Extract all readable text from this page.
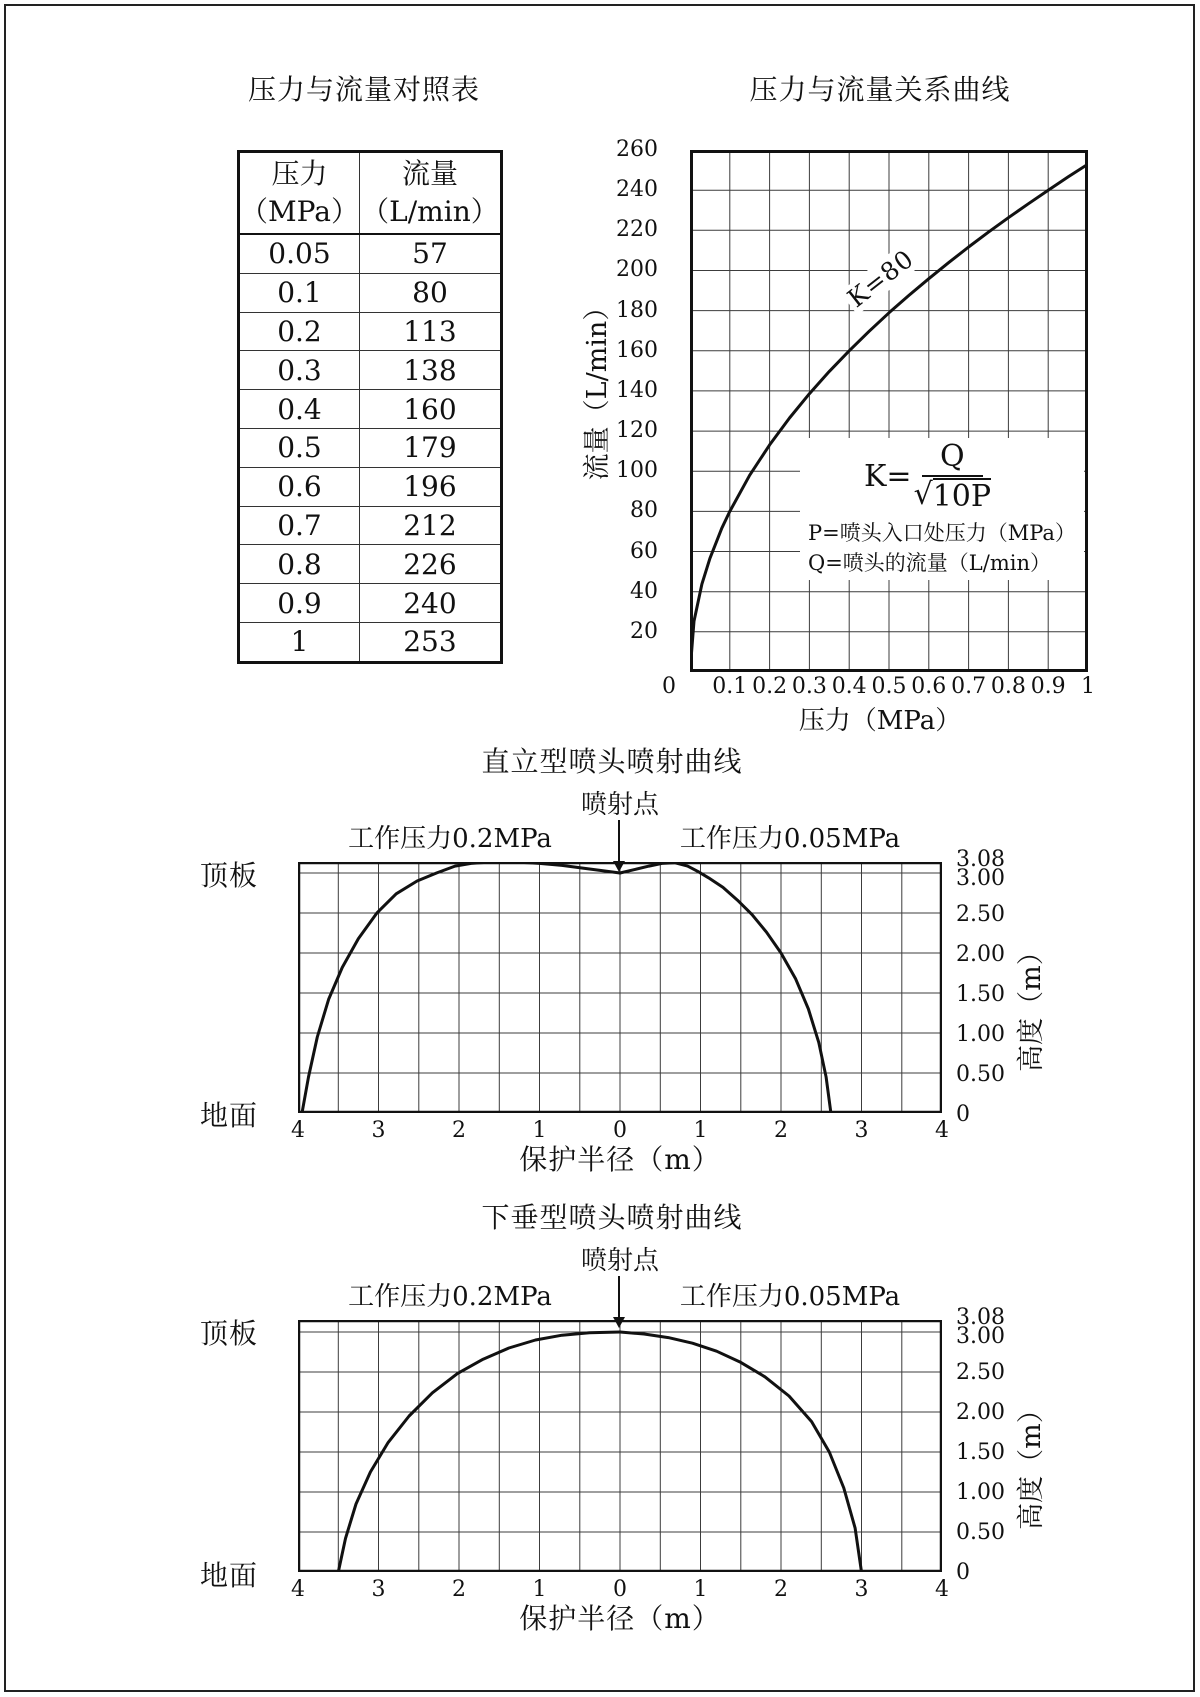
压力与流量对照表
压力
（MPa）

流量
（L/min）

0.05	57
0.1	80
0.2	113
0.3	138
0.4	160
0.5	179
0.6	196
0.7	212
0.8	226
0.9	240
1	253
压力与流量关系曲线
K=80
$K= \frac{Q}{√ 10P}$
P=喷头入口处压力（MPa）
Q=喷头的流量（L/min）
260
240
220
200
180
160
140
120
100
80
60
40
20
0 0.1 0.2 0.3 0.4 0.5 0.6 0.7 0.8 0.9 1
流量（L/min）
压力（MPa）
直立型喷头喷射曲线
喷射点
工作压力0.2MPa	工作压力0.05MPa
顶板
地面
3.08
3.00
2.50
2.00
1.50
1.00
0.50
0
4	3	2	1	0	1	2	3	4
高度（m）
保护半径（m）
下垂型喷头喷射曲线
喷射点
工作压力0.2MPa	工作压力0.05MPa
顶板
地面
3.08
3.00
2.50
2.00
1.50
1.00
0.50
0
4	3	2	1	0	1	2	3	4
高度（m）
保护半径（m）
